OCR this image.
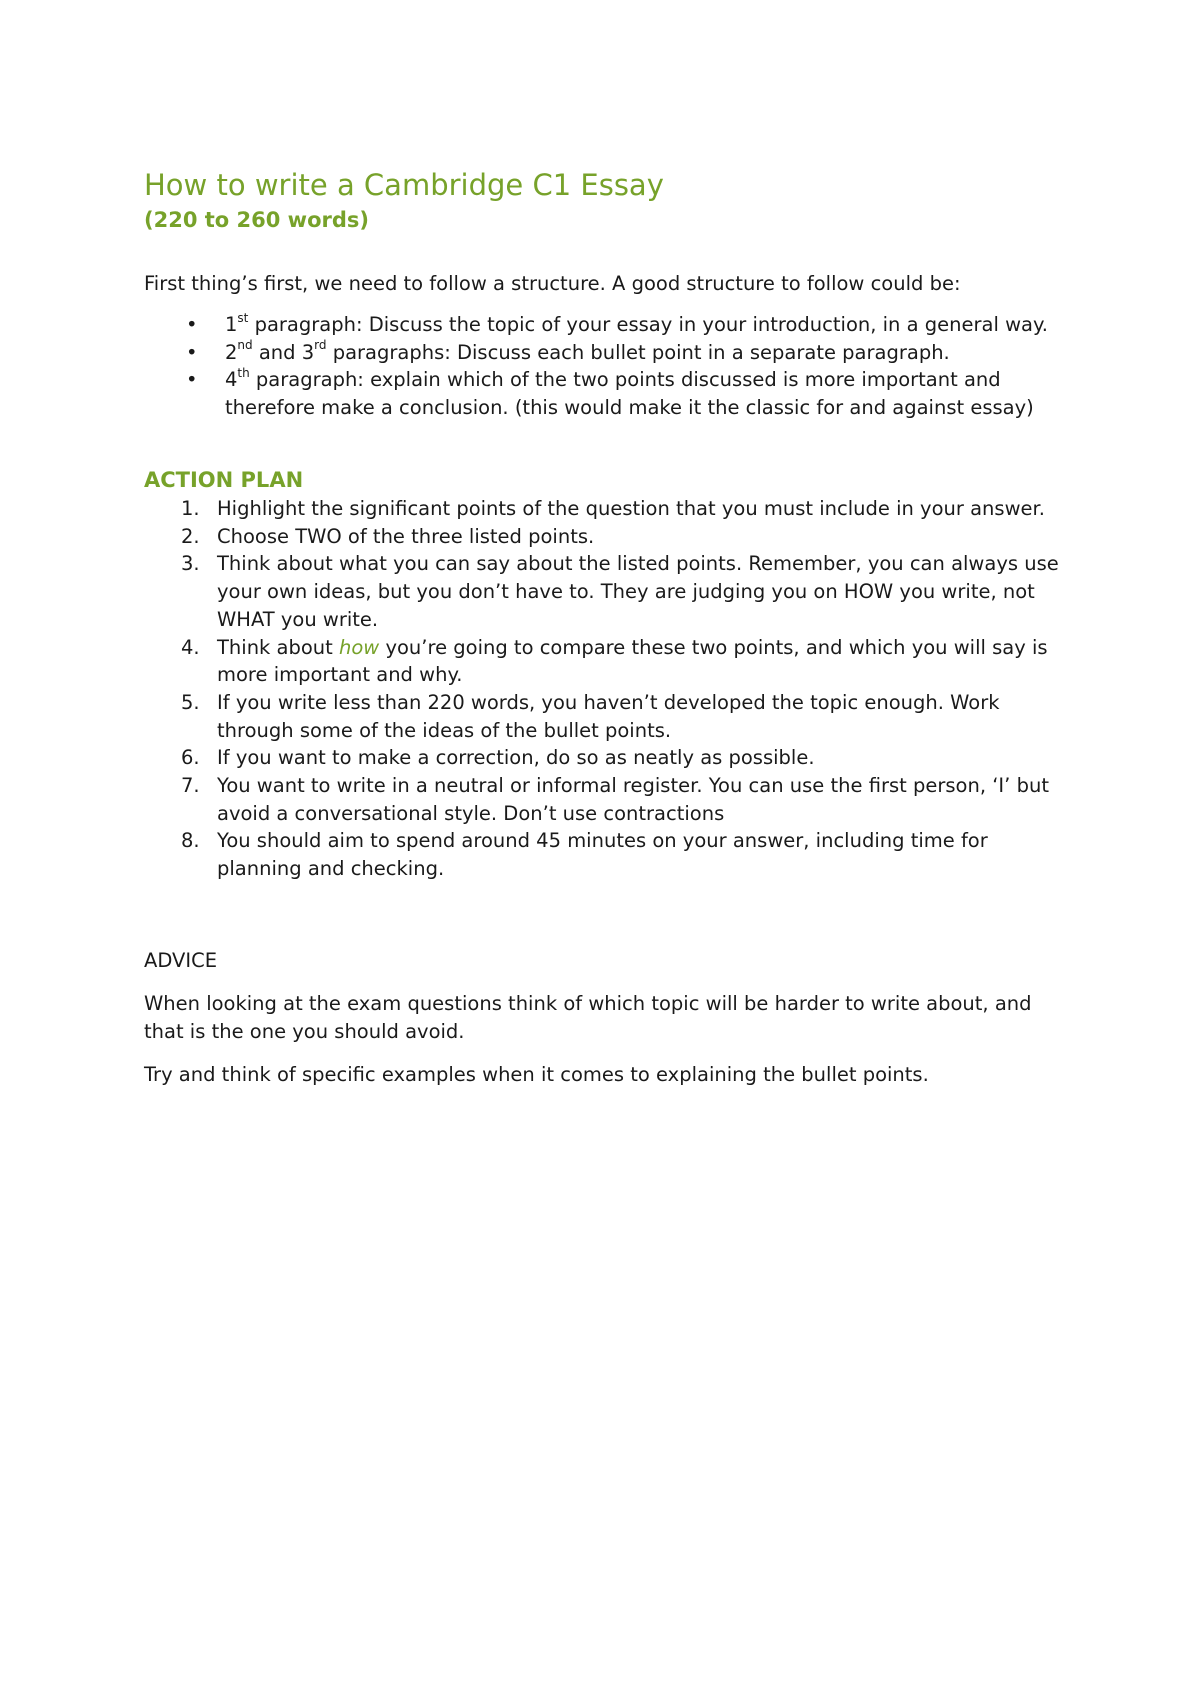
How to write a Cambridge C1 Essay
(220 to 260 words)

First thing’s first, we need to follow a structure. A good structure to follow could be:

• 1st paragraph: Discuss the topic of your essay in your introduction, in a general way.
• 2nd and 3rd paragraphs: Discuss each bullet point in a separate paragraph.
• 4th paragraph: explain which of the two points discussed is more important and therefore make a conclusion. (this would make it the classic for and against essay)
ACTION PLAN
1. Highlight the significant points of the question that you must include in your answer.
2. Choose TWO of the three listed points.
3. Think about what you can say about the listed points. Remember, you can always use your own ideas, but you don’t have to. They are judging you on HOW you write, not WHAT you write.
4. Think about how you’re going to compare these two points, and which you will say is more important and why.
5. If you write less than 220 words, you haven’t developed the topic enough. Work through some of the ideas of the bullet points.
6. If you want to make a correction, do so as neatly as possible.
7. You want to write in a neutral or informal register. You can use the first person, ‘I’ but avoid a conversational style. Don’t use contractions
8. You should aim to spend around 45 minutes on your answer, including time for planning and checking.
ADVICE

When looking at the exam questions think of which topic will be harder to write about, and that is the one you should avoid.

Try and think of specific examples when it comes to explaining the bullet points.
